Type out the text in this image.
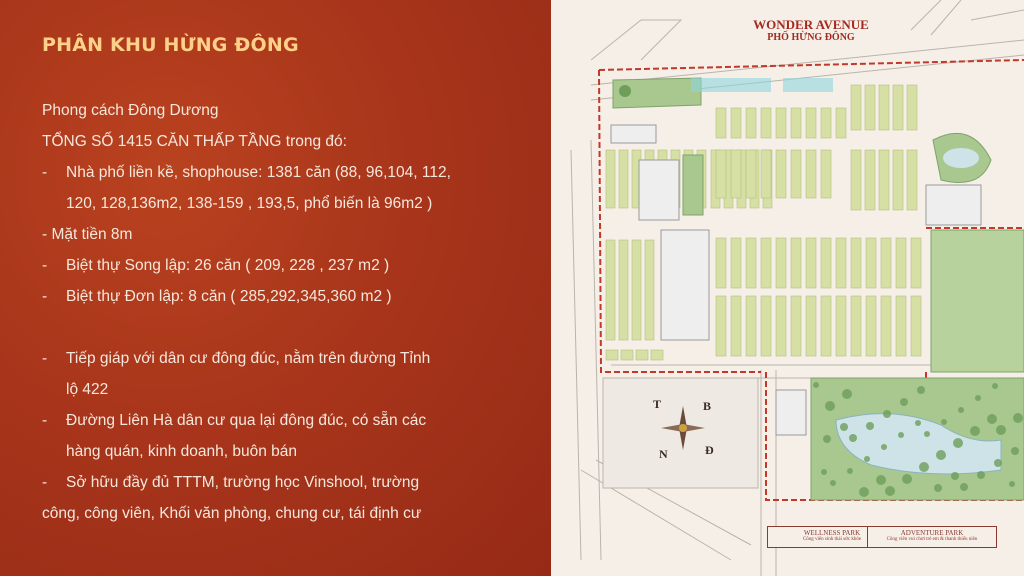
PHÂN KHU HỪNG ĐÔNG
Phong cách Đông Dương
TỔNG SỐ 1415 CĂN THẤP TẦNG trong đó:
-	Nhà phố liền kề, shophouse: 1381 căn (88, 96,104, 112,
120, 128,136m2, 138-159 , 193,5, phổ biến là 96m2 )
- Mặt tiền 8m
-	Biệt thự Song lập: 26 căn ( 209, 228 , 237 m2 )
-	Biệt thự Đơn lập: 8 căn ( 285,292,345,360 m2 )
-	Tiếp giáp với dân cư đông đúc, nằm trên đường Tỉnh
lộ 422
-	Đường Liên Hà dân cư qua lại đông đúc, có sẵn các
hàng quán, kinh doanh, buôn bán
-	Sở hữu đầy đủ TTTM, trường học Vinshool, trường
công, công viên, Khối văn phòng, chung cư, tái định cư
T	B
N	Đ
WONDER AVENUE
PHỐ HỪNG ĐÔNG
WELLNESS PARK
Công viên sinh thái sức khỏe
ADVENTURE PARK
Công viên vui chơi trẻ em & thanh thiếu niên
